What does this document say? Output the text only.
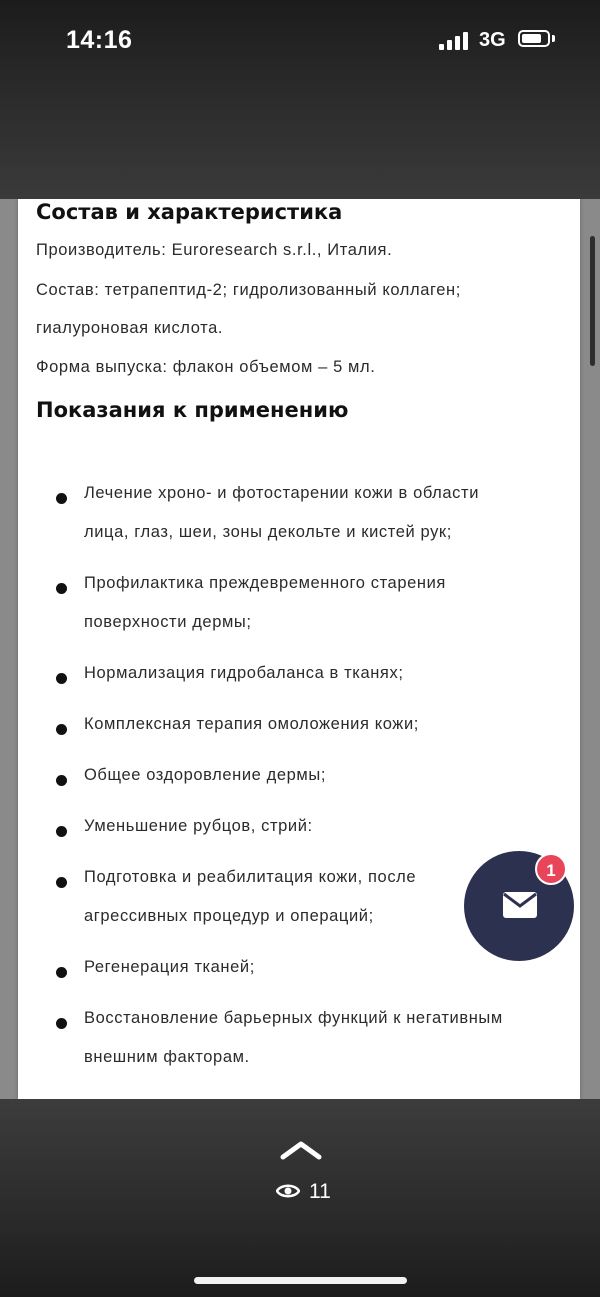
14:16	3G
Состав и характеристика
Производитель: Euroresearch s.r.l., Италия.
Состав: тетрапептид-2; гидролизованный коллаген;
гиалуроновая кислота.
Форма выпуска: флакон объемом – 5 мл.
Показания к применению
Лечение хроно- и фотостарении кожи в области
лица, глаз, шеи, зоны декольте и кистей рук;
Профилактика преждевременного старения
поверхности дермы;
Нормализация гидробаланса в тканях;
Комплексная терапия омоложения кожи;
Общее оздоровление дермы;
Уменьшение рубцов, стрий:
Подготовка и реабилитация кожи, после
агрессивных процедур и операций;
Регенерация тканей;
Восстановление барьерных функций к негативным
внешним факторам.
1
11
